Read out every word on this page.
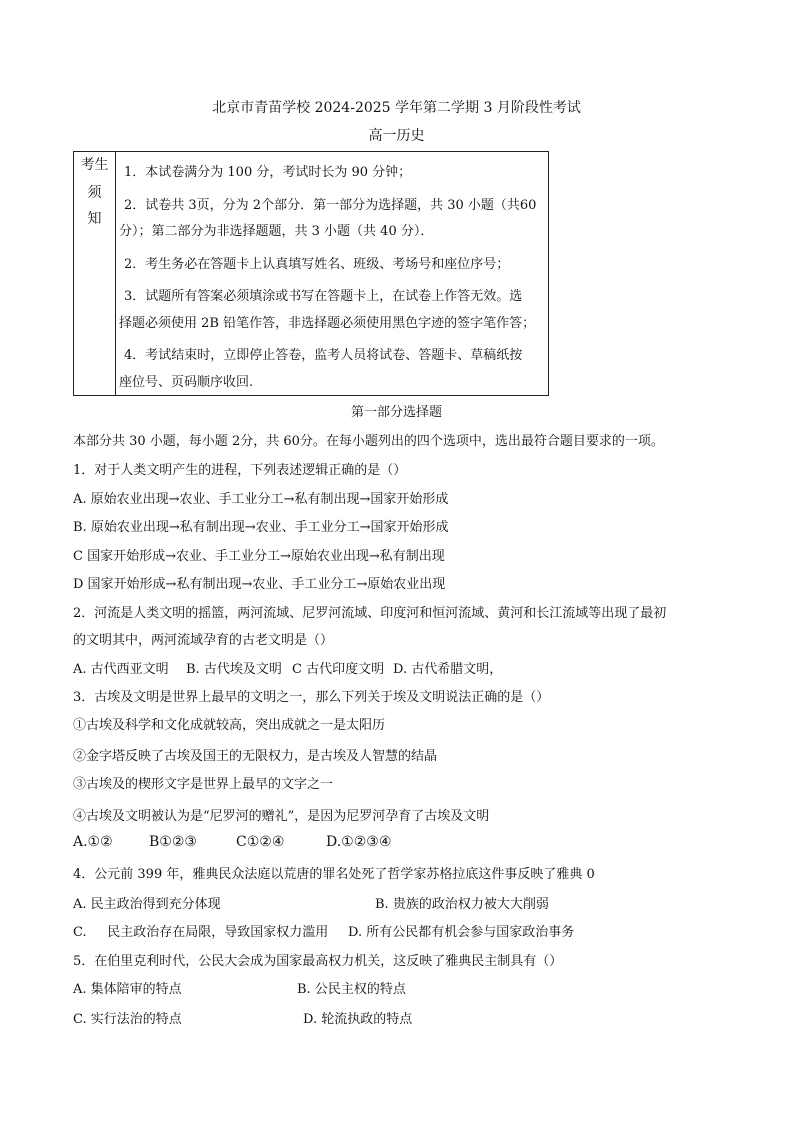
北京市青苗学校 2024-2025 学年第二学期 3 月阶段性考试
高一历史
考生
须
知
1．本试卷满分为 100 分，考试时长为 90 分钟；
2．试卷共 3页，分为 2个部分．第一部分为选择题，共 30 小题（共60
分）；第二部分为非选择题题，共 3 小题（共 40 分）．
2．考生务必在答题卡上认真填写姓名、班级、考场号和座位序号；
3．试题所有答案必须填涂或书写在答题卡上，在试卷上作答无效。选
择题必须使用 2B 铅笔作答，非选择题必须使用黑色字迹的签字笔作答；
4．考试结束时，立即停止答卷，监考人员将试卷、答题卡、草稿纸按
座位号、页码顺序收回.
第一部分选择题
本部分共 30 小题，每小题 2分，共 60分。在每小题列出的四个选项中，选出最符合题目要求的一项。
1．对于人类文明产生的进程，下列表述逻辑正确的是（）
A. 原始农业出现→农业、手工业分工→私有制出现→国家开始形成
B. 原始农业出现→私有制出现→农业、手工业分工→国家开始形成
C 国家开始形成→农业、手工业分工→原始农业出现→私有制出现
D 国家开始形成→私有制出现→农业、手工业分工→原始农业出现
2．河流是人类文明的摇篮，两河流域、尼罗河流域、印度河和恒河流域、黄河和长江流域等出现了最初
的文明其中，两河流域孕育的古老文明是（）
A. 古代西亚文明 B. 古代埃及文明 C 古代印度文明 D. 古代希腊文明，
3．古埃及文明是世界上最早的文明之一，那么下列关于埃及文明说法正确的是（）
①古埃及科学和文化成就较高，突出成就之一是太阳历
②金字塔反映了古埃及国王的无限权力，是古埃及人智慧的结晶
③古埃及的楔形文字是世界上最早的文字之一
④古埃及文明被认为是“尼罗河的赠礼”，是因为尼罗河孕育了古埃及文明
A.①②	B①②③	C①②④	D.①②③④
4．公元前 399 年，雅典民众法庭以荒唐的罪名处死了哲学家苏格拉底这件事反映了雅典 0
A. 民主政治得到充分体现	B. 贵族的政治权力被大大削弱
C.     民主政治存在局限，导致国家权力滥用 D. 所有公民都有机会参与国家政治事务
5．在伯里克利时代，公民大会成为国家最高权力机关，这反映了雅典民主制具有（）
A. 集体陪审的特点	B. 公民主权的特点
C. 实行法治的特点	D. 轮流执政的特点
